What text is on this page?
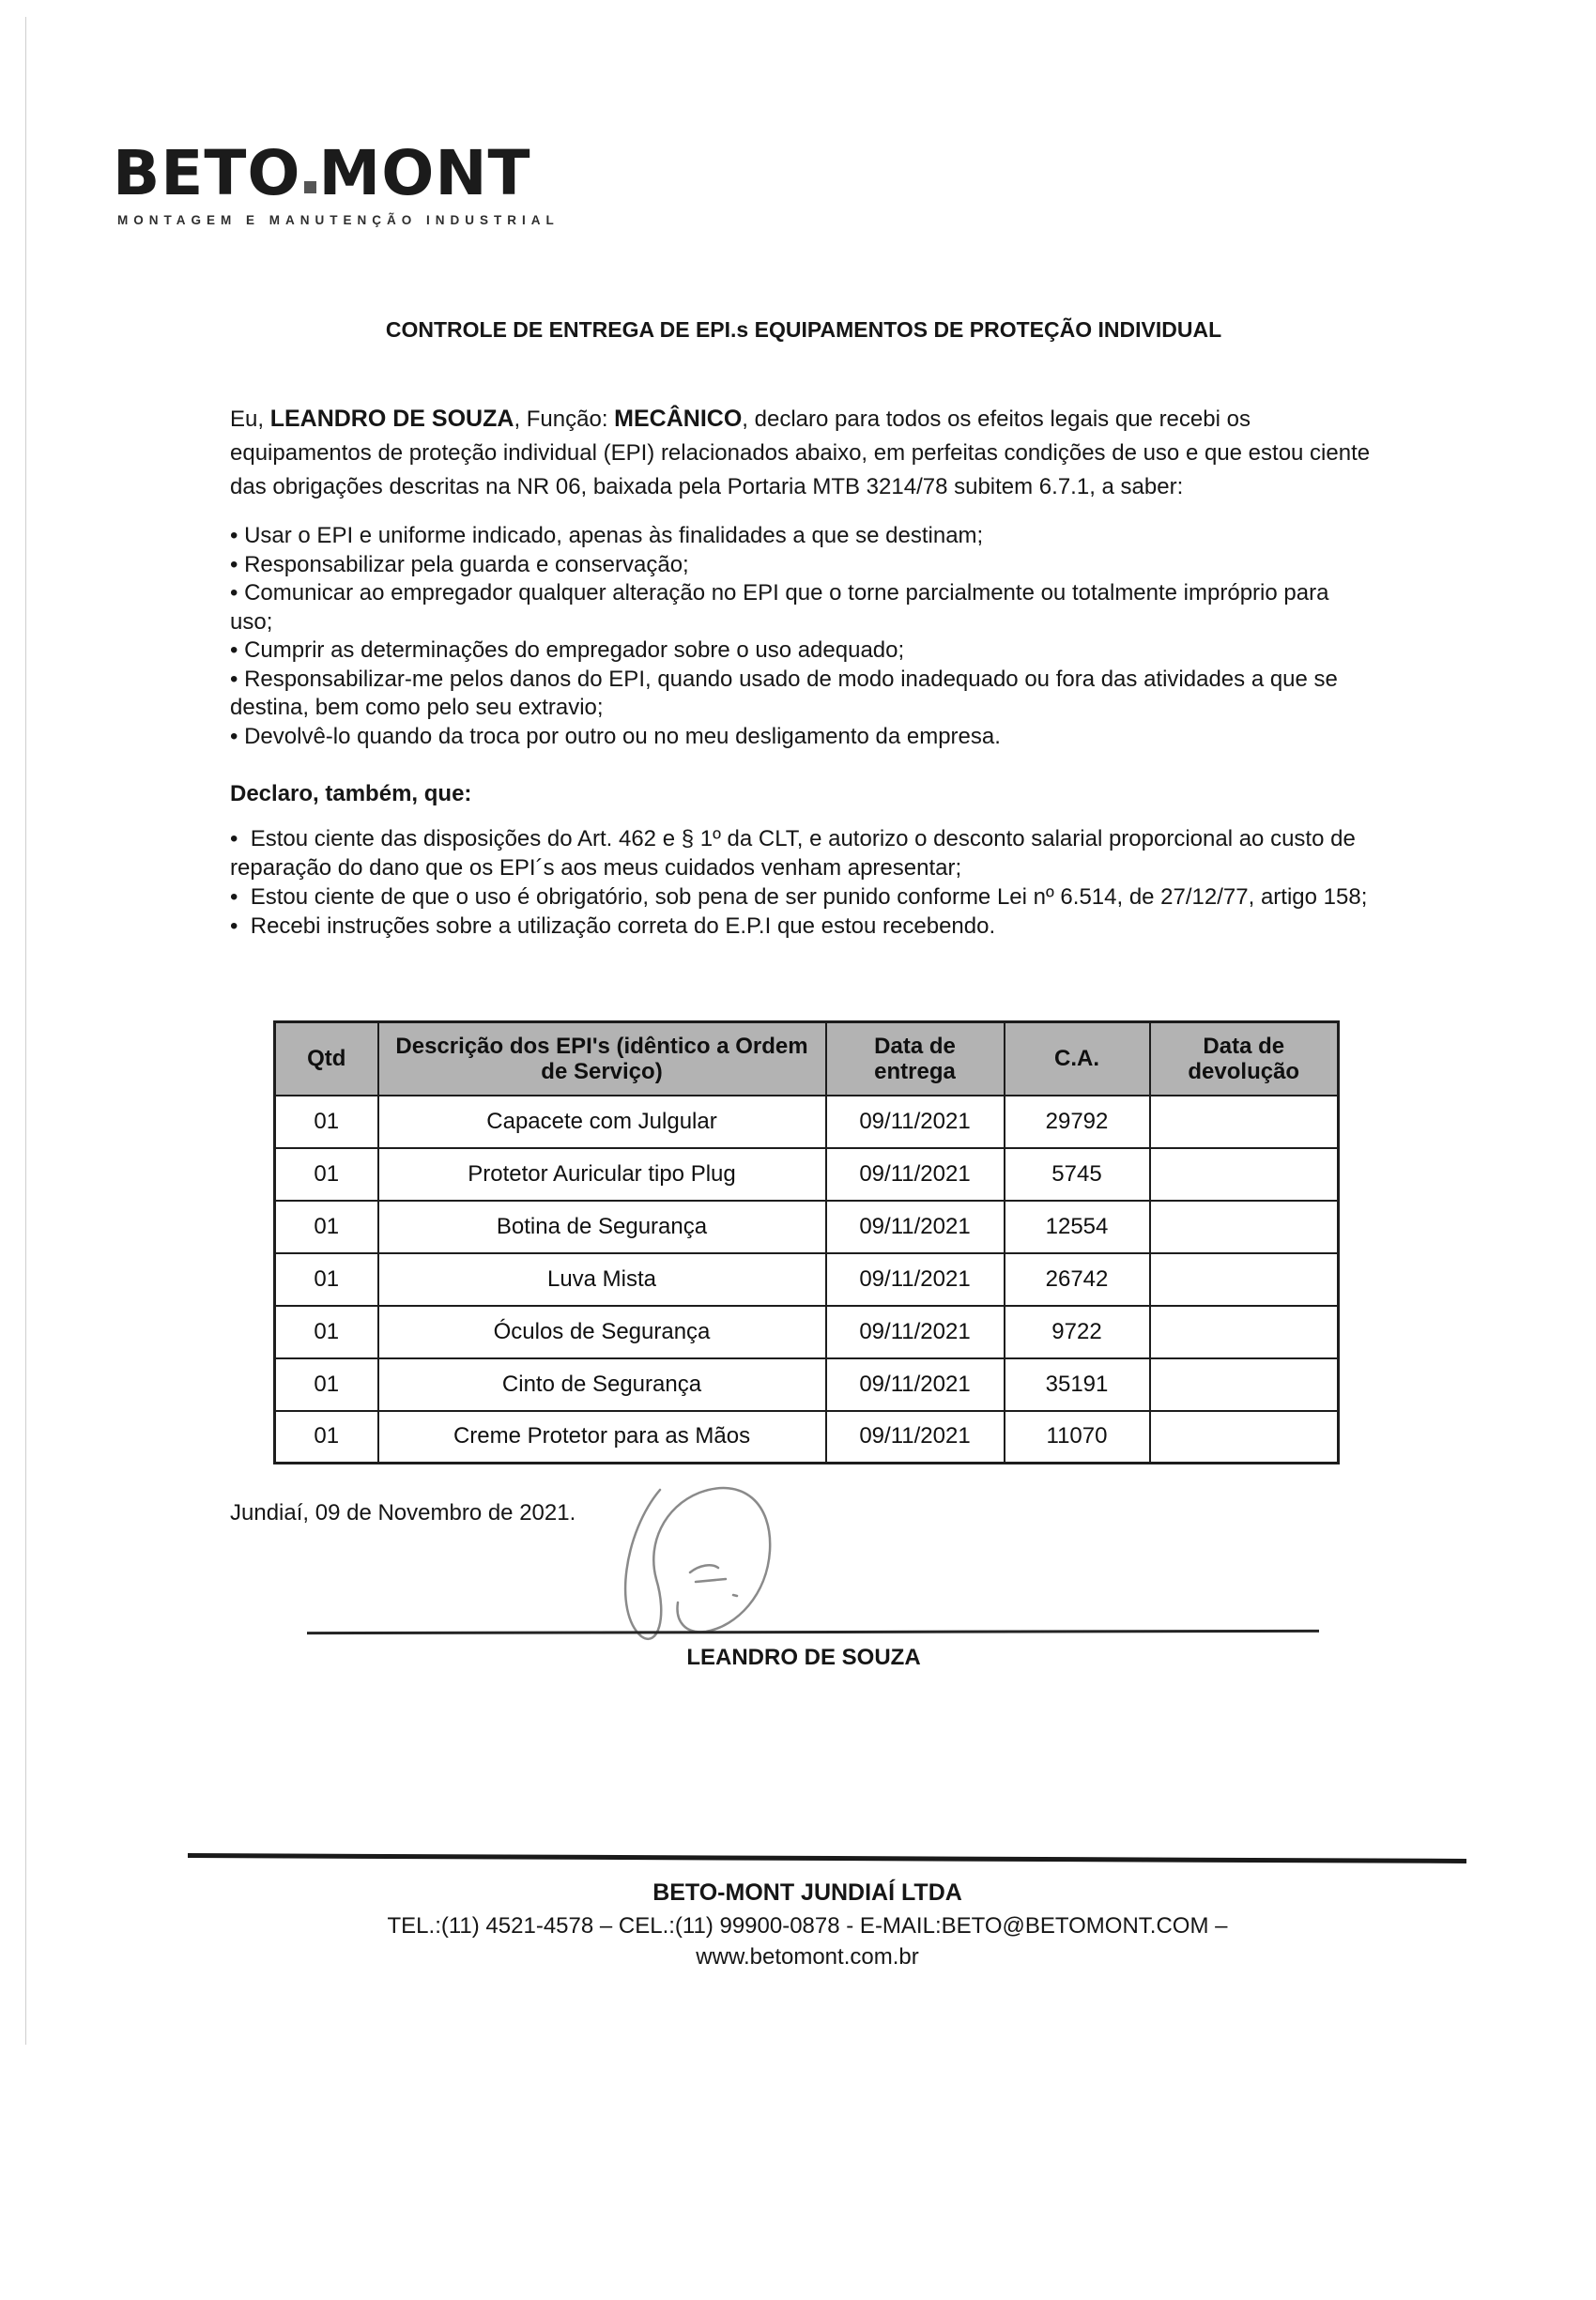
BETO MONT
MONTAGEM E MANUTENÇÃO INDUSTRIAL
CONTROLE DE ENTREGA DE EPI.s EQUIPAMENTOS DE PROTEÇÃO INDIVIDUAL
Eu, LEANDRO DE SOUZA, Função: MECÂNICO, declaro para todos os efeitos legais que recebi os equipamentos de proteção individual (EPI) relacionados abaixo, em perfeitas condições de uso e que estou ciente das obrigações descritas na NR 06, baixada pela Portaria MTB 3214/78 subitem 6.7.1, a saber:
• Usar o EPI e uniforme indicado, apenas às finalidades a que se destinam;
• Responsabilizar pela guarda e conservação;
• Comunicar ao empregador qualquer alteração no EPI que o torne parcialmente ou totalmente impróprio para uso;
• Cumprir as determinações do empregador sobre o uso adequado;
• Responsabilizar-me pelos danos do EPI, quando usado de modo inadequado ou fora das atividades a que se destina, bem como pelo seu extravio;
• Devolvê-lo quando da troca por outro ou no meu desligamento da empresa.
Declaro, também, que:
•  Estou ciente das disposições do Art. 462 e § 1º da CLT, e autorizo o desconto salarial proporcional ao custo de reparação do dano que os EPI´s aos meus cuidados venham apresentar;
•  Estou ciente de que o uso é obrigatório, sob pena de ser punido conforme Lei nº 6.514, de 27/12/77, artigo 158;
•  Recebi instruções sobre a utilização correta do E.P.I que estou recebendo.
Qtd	Descrição dos EPI's (idêntico a Ordem de Serviço)	Data de entrega	C.A.	Data de devolução
01	Capacete com Julgular	09/11/2021	29792	
01	Protetor Auricular tipo Plug	09/11/2021	5745	
01	Botina de Segurança	09/11/2021	12554	
01	Luva Mista	09/11/2021	26742	
01	Óculos de Segurança	09/11/2021	9722	
01	Cinto de Segurança	09/11/2021	35191	
01	Creme Protetor para as Mãos	09/11/2021	11070	
Jundiaí, 09 de Novembro de 2021.
LEANDRO DE SOUZA
BETO-MONT JUNDIAÍ LTDA
TEL.:(11) 4521-4578 – CEL.:(11) 99900-0878 - E-MAIL:BETO@BETOMONT.COM –
www.betomont.com.br
